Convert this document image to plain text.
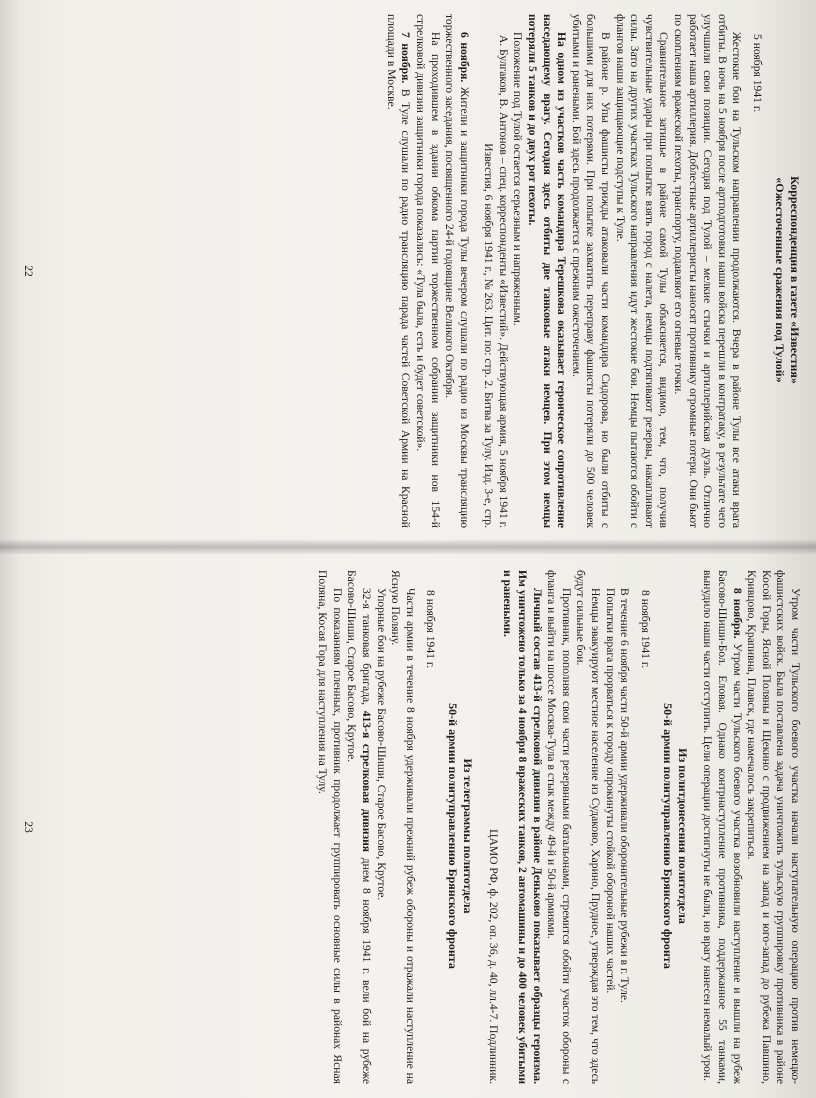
Корреспонденция в газете «Известия»

«Ожесточенные сражения под Тулой»

5 ноября 1941 г.

Жестокие бои на Тульском направлении продолжаются. Вчера в районе Тулы все атаки врага отбиты. В ночь на 5 ноября после артподготовки наши войска перешли в контратаку, в результате чего улучшили свои позиции. Сегодня под Тулой – мелкие стычки и артиллерийская дуэль. Отлично работает наша артиллерия. Доблестные артиллеристы наносят противнику огромные потери. Они бьют по скоплениям вражеской пехоты, транспорту, подавляют его огневые точки.

Сравнительное затишье в районе самой Тулы объясняется, видимо, тем, что, получив чувствительные удары при попытке взять город с налета, немцы подтягивают резервы, накапливают силы. Зато на других участках Тульского направления идут жестокие бои. Немцы пытаются обойти с флангов наши защищающие подступы к Туле.

В районе р. Упы фашисты трижды атаковали части командира Сидорова, но были отбиты с большими для них потерями. При попытке захватить переправу фашисты потеряли до 500 человек убитыми и ранеными. Бой здесь продолжается с прежним ожесточением.

На одном из участков часть командира Терешкова оказывает героическое сопротивление наседающему врагу. Сегодня здесь отбиты две танковые атаки немцев. При этом немцы потеряли 5 танков и до двух рот пехоты.

Положение под Тулой остается серьезным и напряженным.

А. Булгаков, В. Антонов – спец. корреспонденты «Известий». Действующая армия, 5 ноября 1941 г.

Известия, 6 ноября 1941 г., № 263. Цит. по: стр. 2. Битва за Тулу. Изд. 3-е, стр.

6 ноября. Жители и защитники города Тулы вечером слушали по радио из Москвы трансляцию торжественного заседания, посвященного 24-й годовщине Великого Октября.

На проходившем в здании обкома партии торжественном собрании защитники нов 154-й стрелковой дивизии защитники города показались: «Тула была, есть и будет советской».

7 ноября. В Туле слушали по радио трансляцию парада частей Советской Армии на Красной площади в Москве.

22

Утром части Тульского боевого участка начали наступательную операцию против немецко-фашистских войск. Была поставлена задача уничтожить тульскую группировку противника в районе Косой Горы, Ясной Поляны и Щекино с продвижением на запад и юго-запад до рубежа Павшино, Кривцово, Крапивна, Плавск, где намечалось закрепиться.

8 ноября. Утром части Тульского боевого участка возобновили наступление и вышли на рубеж Басово-Шиши-Бол. Еловая. Однако контрнаступление противника, поддержанное 55 танками, вынудило наши части отступить. Цели операции достигнуты не были, но врагу нанесен немалый урон.

Из политдонесения политотдела

50-й армии политуправлению Брянского фронта

8 ноября 1941 г.

В течение 6 ноября части 50-й армии удерживали оборонительные рубежи в г. Туле.

Попытки врага прорваться к городу опрокинуты стойкой обороной наших частей.

Немцы эвакуируют местное население из Судаково, Харино, Прудное, утверждая это тем, что здесь будут сильные бои.

Противник, пополняя свои части резервными батальонами, стремится обойти участок обороны с фланга и выйти на шоссе Москва-Тула в стык между 49-й и 50-й армиями.

Личный состав 413-й стрелковой дивизии в районе Деньково показывает образцы героизма. Им уничтожено только за 4 ноября 8 вражеских танков, 2 автомашины и до 400 человек убитыми и ранеными.

ЦАМО РФ, ф. 202, оп. 36, д. 40, лл.4-7. Подлинник.

Из телеграммы политотдела

50-й армии политуправлению Брянского фронта

8 ноября 1941 г.

Части армии в течение 8 ноября удерживали прежний рубеж обороны и отражали наступление на Ясную Поляну.

Упорные бои на рубеже Басово-Шиши, Старое Басово, Крутое.

32-я танковая бригада, 413-я стрелковая дивизия днем 8 ноября 1941 г. вели бой на рубеже Басово-Шиши, Старое Басово, Крутое.

По показаниям пленных, противник продолжает группировать основные силы в районах Ясная Поляна, Косая Гора для наступления на Тулу.

23
